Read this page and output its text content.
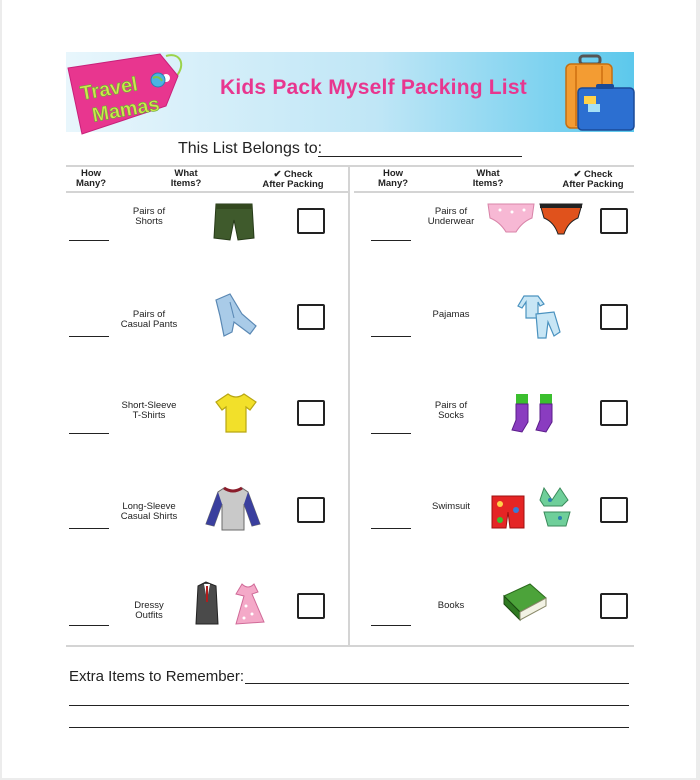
Travel
Mamas
Kids Pack Myself Packing List
This List Belongs to:
How
Many?
What
Items?
✔ Check
After Packing
How
Many?
What
Items?
✔ Check
After Packing
Pairs of
Shorts
Pairs of
Casual Pants
Short-Sleeve
T-Shirts
Long-Sleeve
Casual Shirts
Dressy
Outfits
Pairs of
Underwear
Pajamas

Pairs of
Socks
Swimsuit

Books

Extra Items to Remember:
